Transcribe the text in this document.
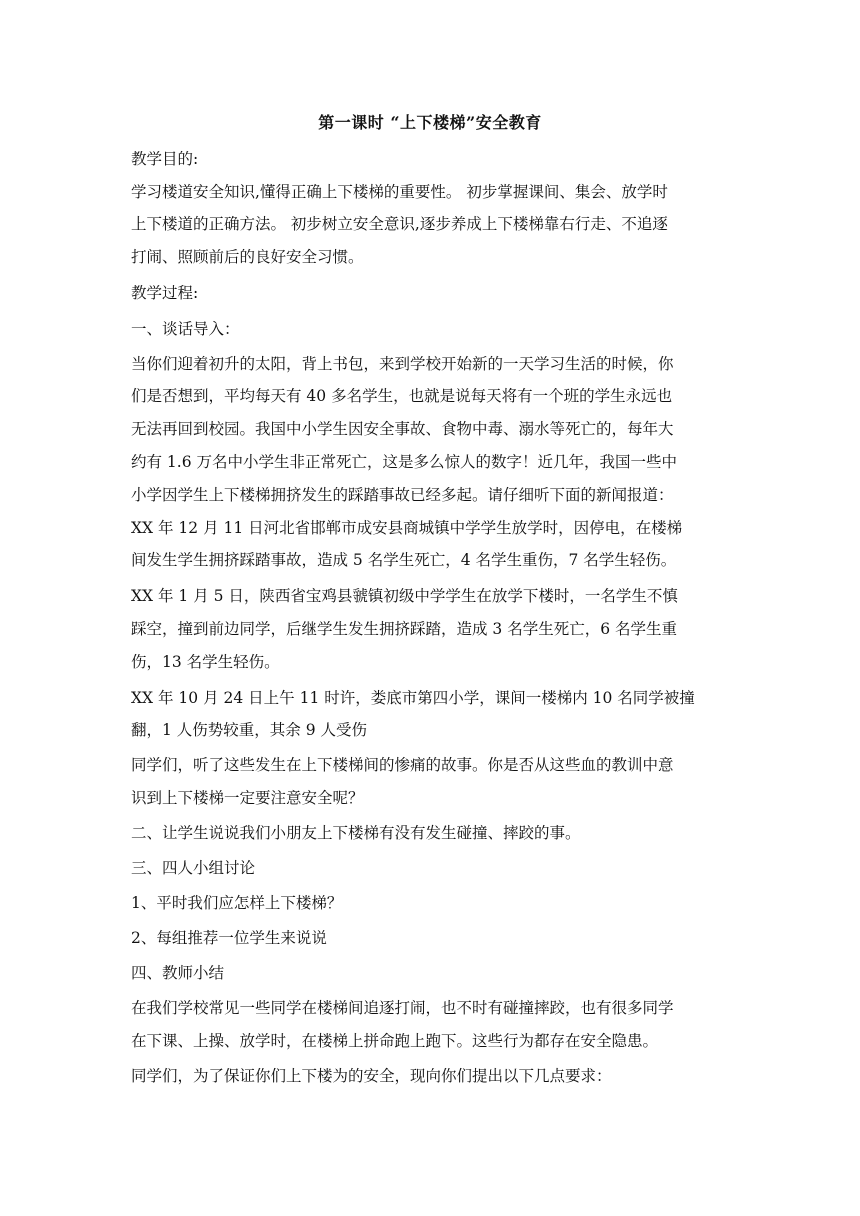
第一课时 “上下楼梯”安全教育
教学目的:
学习楼道安全知识,懂得正确上下楼梯的重要性。 初步掌握课间、集会、放学时
上下楼道的正确方法。 初步树立安全意识,逐步养成上下楼梯靠右行走、不追逐
打闹、照顾前后的良好安全习惯。
教学过程:
一、谈话导入：
当你们迎着初升的太阳，背上书包，来到学校开始新的一天学习生活的时候，你
们是否想到，平均每天有 40 多名学生，也就是说每天将有一个班的学生永远也
无法再回到校园。我国中小学生因安全事故、食物中毒、溺水等死亡的，每年大
约有 1.6 万名中小学生非正常死亡，这是多么惊人的数字！近几年，我国一些中
小学因学生上下楼梯拥挤发生的踩踏事故已经多起。请仔细听下面的新闻报道：
XX 年 12 月 11 日河北省邯郸市成安县商城镇中学学生放学时，因停电，在楼梯
间发生学生拥挤踩踏事故，造成 5 名学生死亡，4 名学生重伤，7 名学生轻伤。
XX 年 1 月 5 日，陕西省宝鸡县虢镇初级中学学生在放学下楼时，一名学生不慎
踩空，撞到前边同学，后继学生发生拥挤踩踏，造成 3 名学生死亡，6 名学生重
伤，13 名学生轻伤。
XX 年 10 月 24 日上午 11 时许，娄底市第四小学，课间一楼梯内 10 名同学被撞
翻，1 人伤势较重，其余 9 人受伤
同学们，听了这些发生在上下楼梯间的惨痛的故事。你是否从这些血的教训中意
识到上下楼梯一定要注意安全呢？
二、让学生说说我们小朋友上下楼梯有没有发生碰撞、摔跤的事。
三、四人小组讨论
1、平时我们应怎样上下楼梯？
2、每组推荐一位学生来说说
四、教师小结
在我们学校常见一些同学在楼梯间追逐打闹，也不时有碰撞摔跤，也有很多同学
在下课、上操、放学时，在楼梯上拼命跑上跑下。这些行为都存在安全隐患。
同学们，为了保证你们上下楼为的安全，现向你们提出以下几点要求：
